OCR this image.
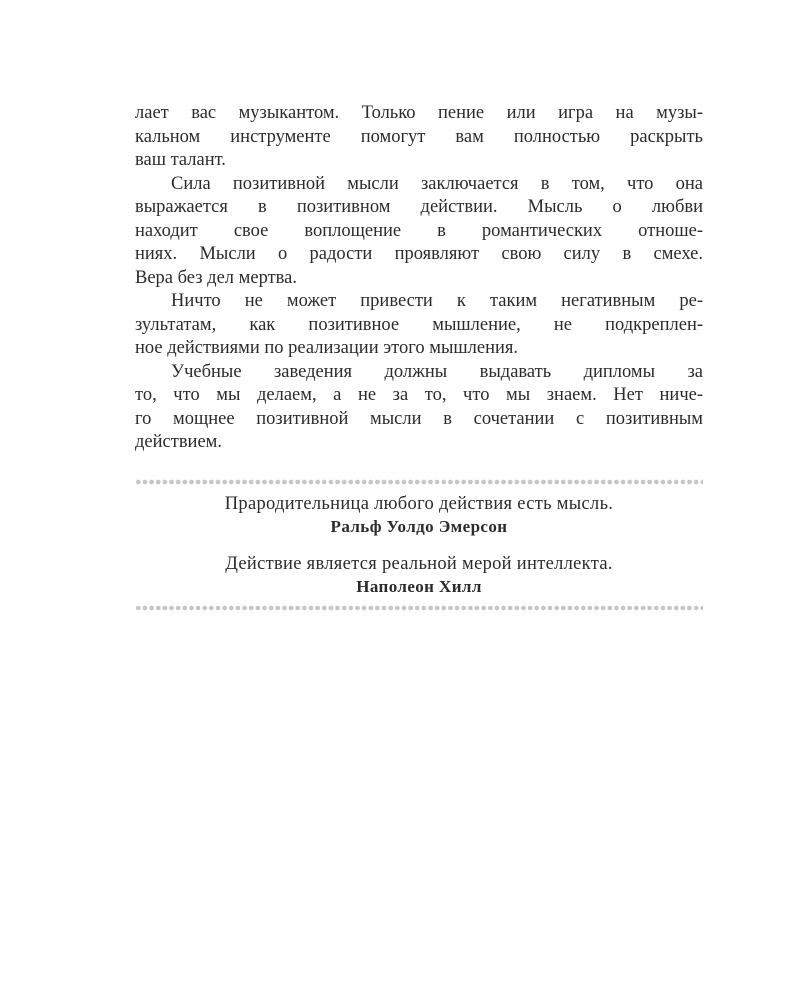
лает вас музыкантом. Только пение или игра на музы-
кальном инструменте помогут вам полностью раскрыть
ваш талант.
Сила позитивной мысли заключается в том, что она
выражается в позитивном действии. Мысль о любви
находит свое воплощение в романтических отноше-
ниях. Мысли о радости проявляют свою силу в смехе.
Вера без дел мертва.
Ничто не может привести к таким негативным ре-
зультатам, как позитивное мышление, не подкреплен-
ное действиями по реализации этого мышления.
Учебные заведения должны выдавать дипломы за
то, что мы делаем, а не за то, что мы знаем. Нет ниче-
го мощнее позитивной мысли в сочетании с позитивным
действием.
Прародительница любого действия есть мысль.
Ральф Уолдо Эмерсон
Действие является реальной мерой интеллекта.
Наполеон Хилл
